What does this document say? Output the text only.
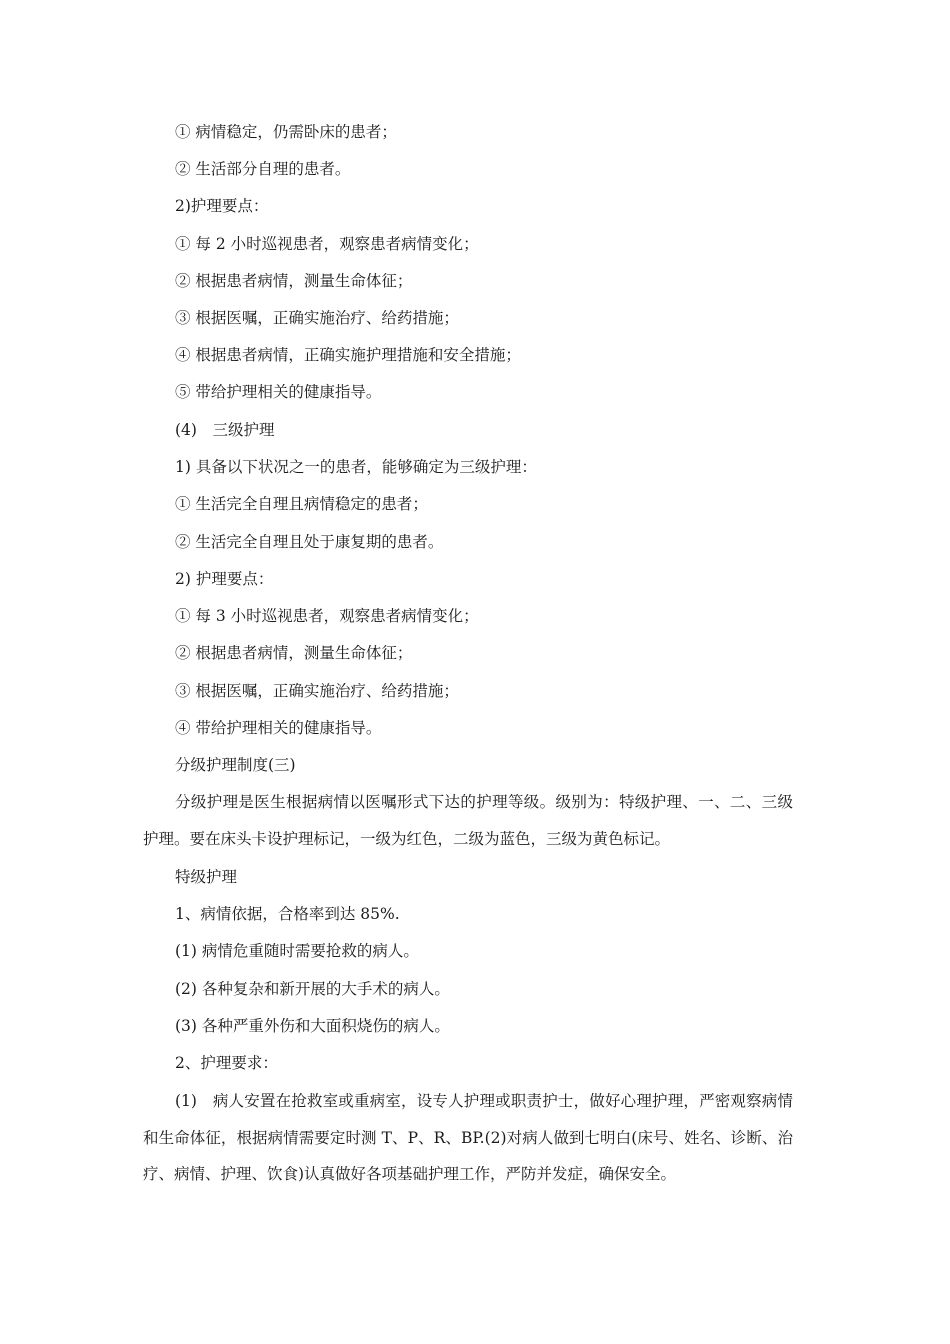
① 病情稳定，仍需卧床的患者；
② 生活部分自理的患者。
2)护理要点：
① 每 2 小时巡视患者，观察患者病情变化；
② 根据患者病情，测量生命体征；
③ 根据医嘱，正确实施治疗、给药措施；
④ 根据患者病情，正确实施护理措施和安全措施；
⑤ 带给护理相关的健康指导。
(4)　三级护理
1) 具备以下状况之一的患者，能够确定为三级护理：
① 生活完全自理且病情稳定的患者；
② 生活完全自理且处于康复期的患者。
2) 护理要点：
① 每 3 小时巡视患者，观察患者病情变化；
② 根据患者病情，测量生命体征；
③ 根据医嘱，正确实施治疗、给药措施；
④ 带给护理相关的健康指导。
分级护理制度(三)
分级护理是医生根据病情以医嘱形式下达的护理等级。级别为：特级护理、一、二、三级护理。要在床头卡设护理标记，一级为红色，二级为蓝色，三级为黄色标记。
特级护理
1、病情依据，合格率到达 85%.
(1) 病情危重随时需要抢救的病人。
(2) 各种复杂和新开展的大手术的病人。
(3) 各种严重外伤和大面积烧伤的病人。
2、护理要求：
(1)　病人安置在抢救室或重病室，设专人护理或职责护士，做好心理护理，严密观察病情和生命体征，根据病情需要定时测 T、P、R、BP.(2)对病人做到七明白(床号、姓名、诊断、治疗、病情、护理、饮食)认真做好各项基础护理工作，严防并发症，确保安全。
